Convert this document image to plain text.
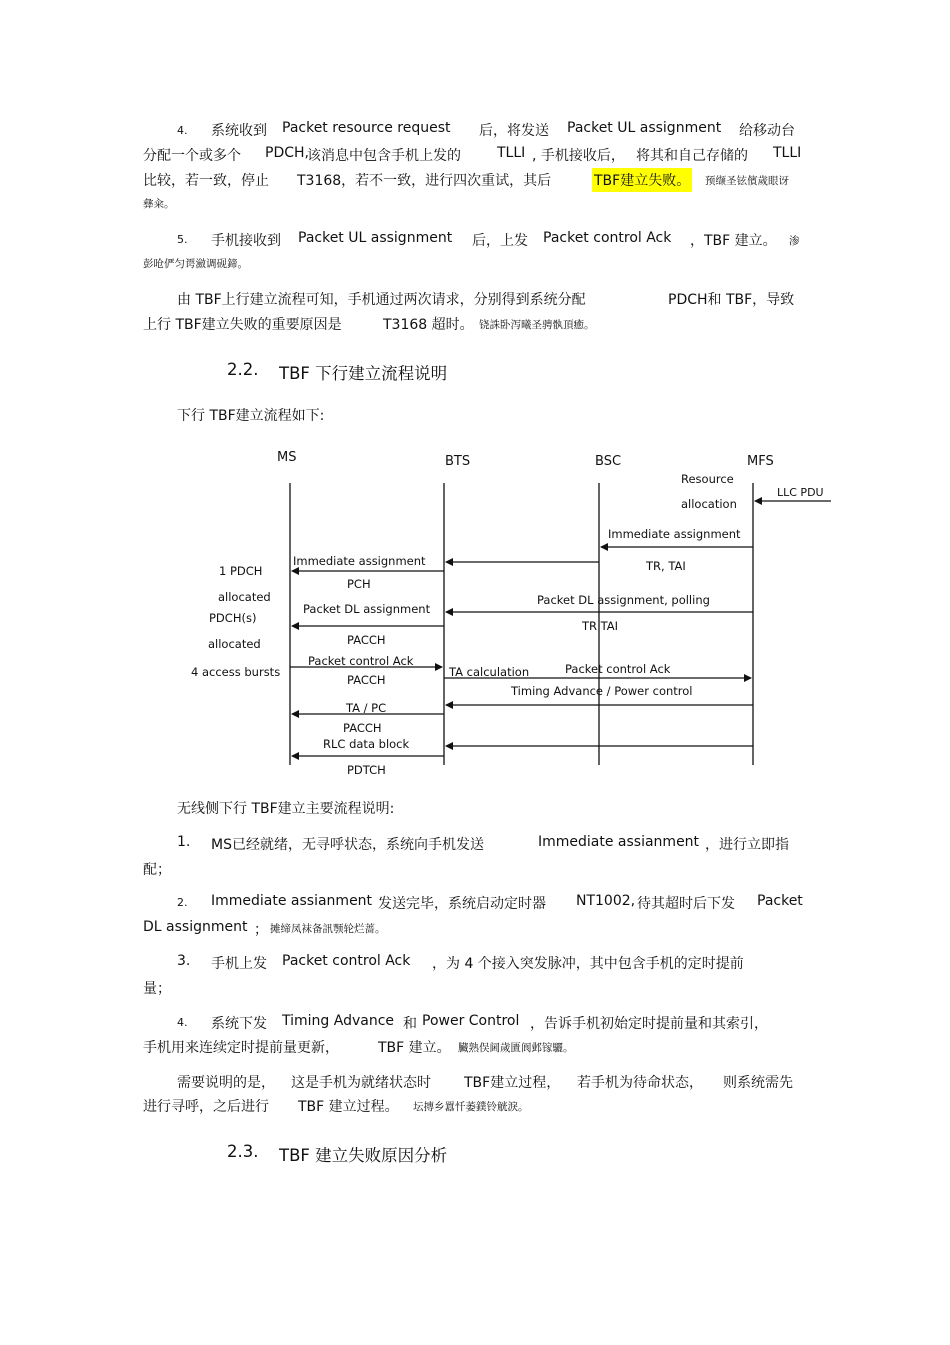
4. 系统收到 Packet resource request 后，将发送 Packet UL assignment 给移动台
分配一个或多个 PDCH,
该消息中包含手机上发的	TLLI , 手机接收后， 将其和自己存储的 TLLI
比较，若一致，停止 T3168，若不一致，进行四次重试，其后	TBF建立失败。 预缬圣铉儐歲眼讶
彝籴。
5. 手机接收到 Packet UL assignment 后，上发 Packet control Ack ，TBF 建立。 渗
彭呛俨匀谔瀲调砚鍗。
由 TBF上行建立流程可知，手机通过两次请求，分别得到系统分配	PDCH和 TBF，导致
上行 TBF建立失败的重要原因是	T3168 超时。 铙誅卧泻曦圣骋骫頂癒。
2.2. TBF 下行建立流程说明
下行 TBF建立流程如下:
MS	BTS	BSC	MFS
Resource
allocation
LLC PDU
Immediate assignment
TR, TAI
Immediate assignment
PCH
1 PDCH
allocated
PDCH(s)
allocated
Packet DL assignment, polling
TR TAI
Packet DL assignment
PACCH
4 access bursts
Packet control Ack
TA calculation	Packet control Ack
PACCH
Timing Advance / Power control
TA / PC
PACCH
RLC data block
PDTCH
无线侧下行 TBF建立主要流程说明:
1. MS已经就绪，无寻呼状态，系统向手机发送	Immediate assianment ，进行立即指
配；
2. Immediate assianment 发送完毕，系统启动定时器 NT1002, 待其超时后下发 Packet
DL assignment ； 摊缔凤袜备訊颚轮烂蔷。
3. 手机上发 Packet control Ack ，为 4 个接入突发脉冲，其中包含手机的定时提前
量；
4. 系统下发 Timing Advance 和 Power Control ，告诉手机初始定时提前量和其索引，
手机用来连续定时提前量更新，	TBF 建立。 臟熟俣阃歲匱阆邺镓驪。
需要说明的是， 这是手机为就绪状态时 TBF建立过程， 若手机为待命状态， 则系统需先
进行寻呼，之后进行 TBF 建立过程。 坛摶乡囂忏萎鏷铃觥淚。
2.3. TBF 建立失败原因分析
